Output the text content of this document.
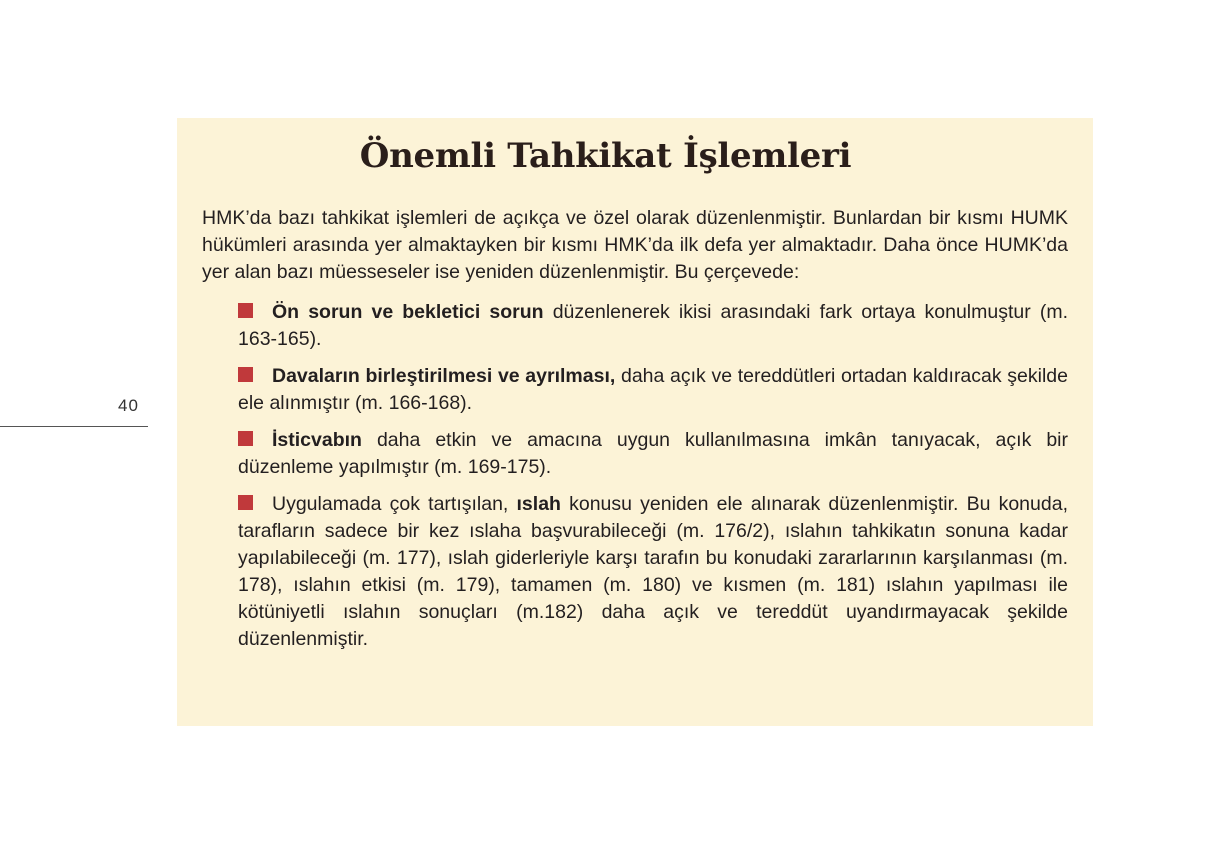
40
Önemli Tahkikat İşlemleri

HMK’da bazı tahkikat işlemleri de açıkça ve özel olarak düzenlenmiştir. Bunlardan bir kısmı HUMK hükümleri arasında yer almaktayken bir kısmı HMK’da ilk defa yer almaktadır. Daha önce HUMK’da yer alan bazı müesseseler ise yeniden düzenlenmiştir. Bu çerçevede:

Ön sorun ve bekletici sorun düzenlenerek ikisi arasındaki fark ortaya konulmuştur (m. 163-165).
Davaların birleştirilmesi ve ayrılması, daha açık ve tereddütleri ortadan kaldıracak şekilde ele alınmıştır (m. 166-168).
İsticvabın daha etkin ve amacına uygun kullanılmasına imkân tanıyacak, açık bir düzenleme yapılmıştır (m. 169-175).
Uygulamada çok tartışılan, ıslah konusu yeniden ele alınarak düzenlenmiştir. Bu konuda, tarafların sadece bir kez ıslaha başvurabileceği (m. 176/2), ıslahın tahkikatın sonuna kadar yapılabileceği (m. 177), ıslah giderleriyle karşı tarafın bu konudaki zararlarının karşılanması (m. 178), ıslahın etkisi (m. 179), tamamen (m. 180) ve kısmen (m. 181) ıslahın yapılması ile kötüniyetli ıslahın sonuçları (m.182) daha açık ve tereddüt uyandırmayacak şekilde düzenlenmiştir.
